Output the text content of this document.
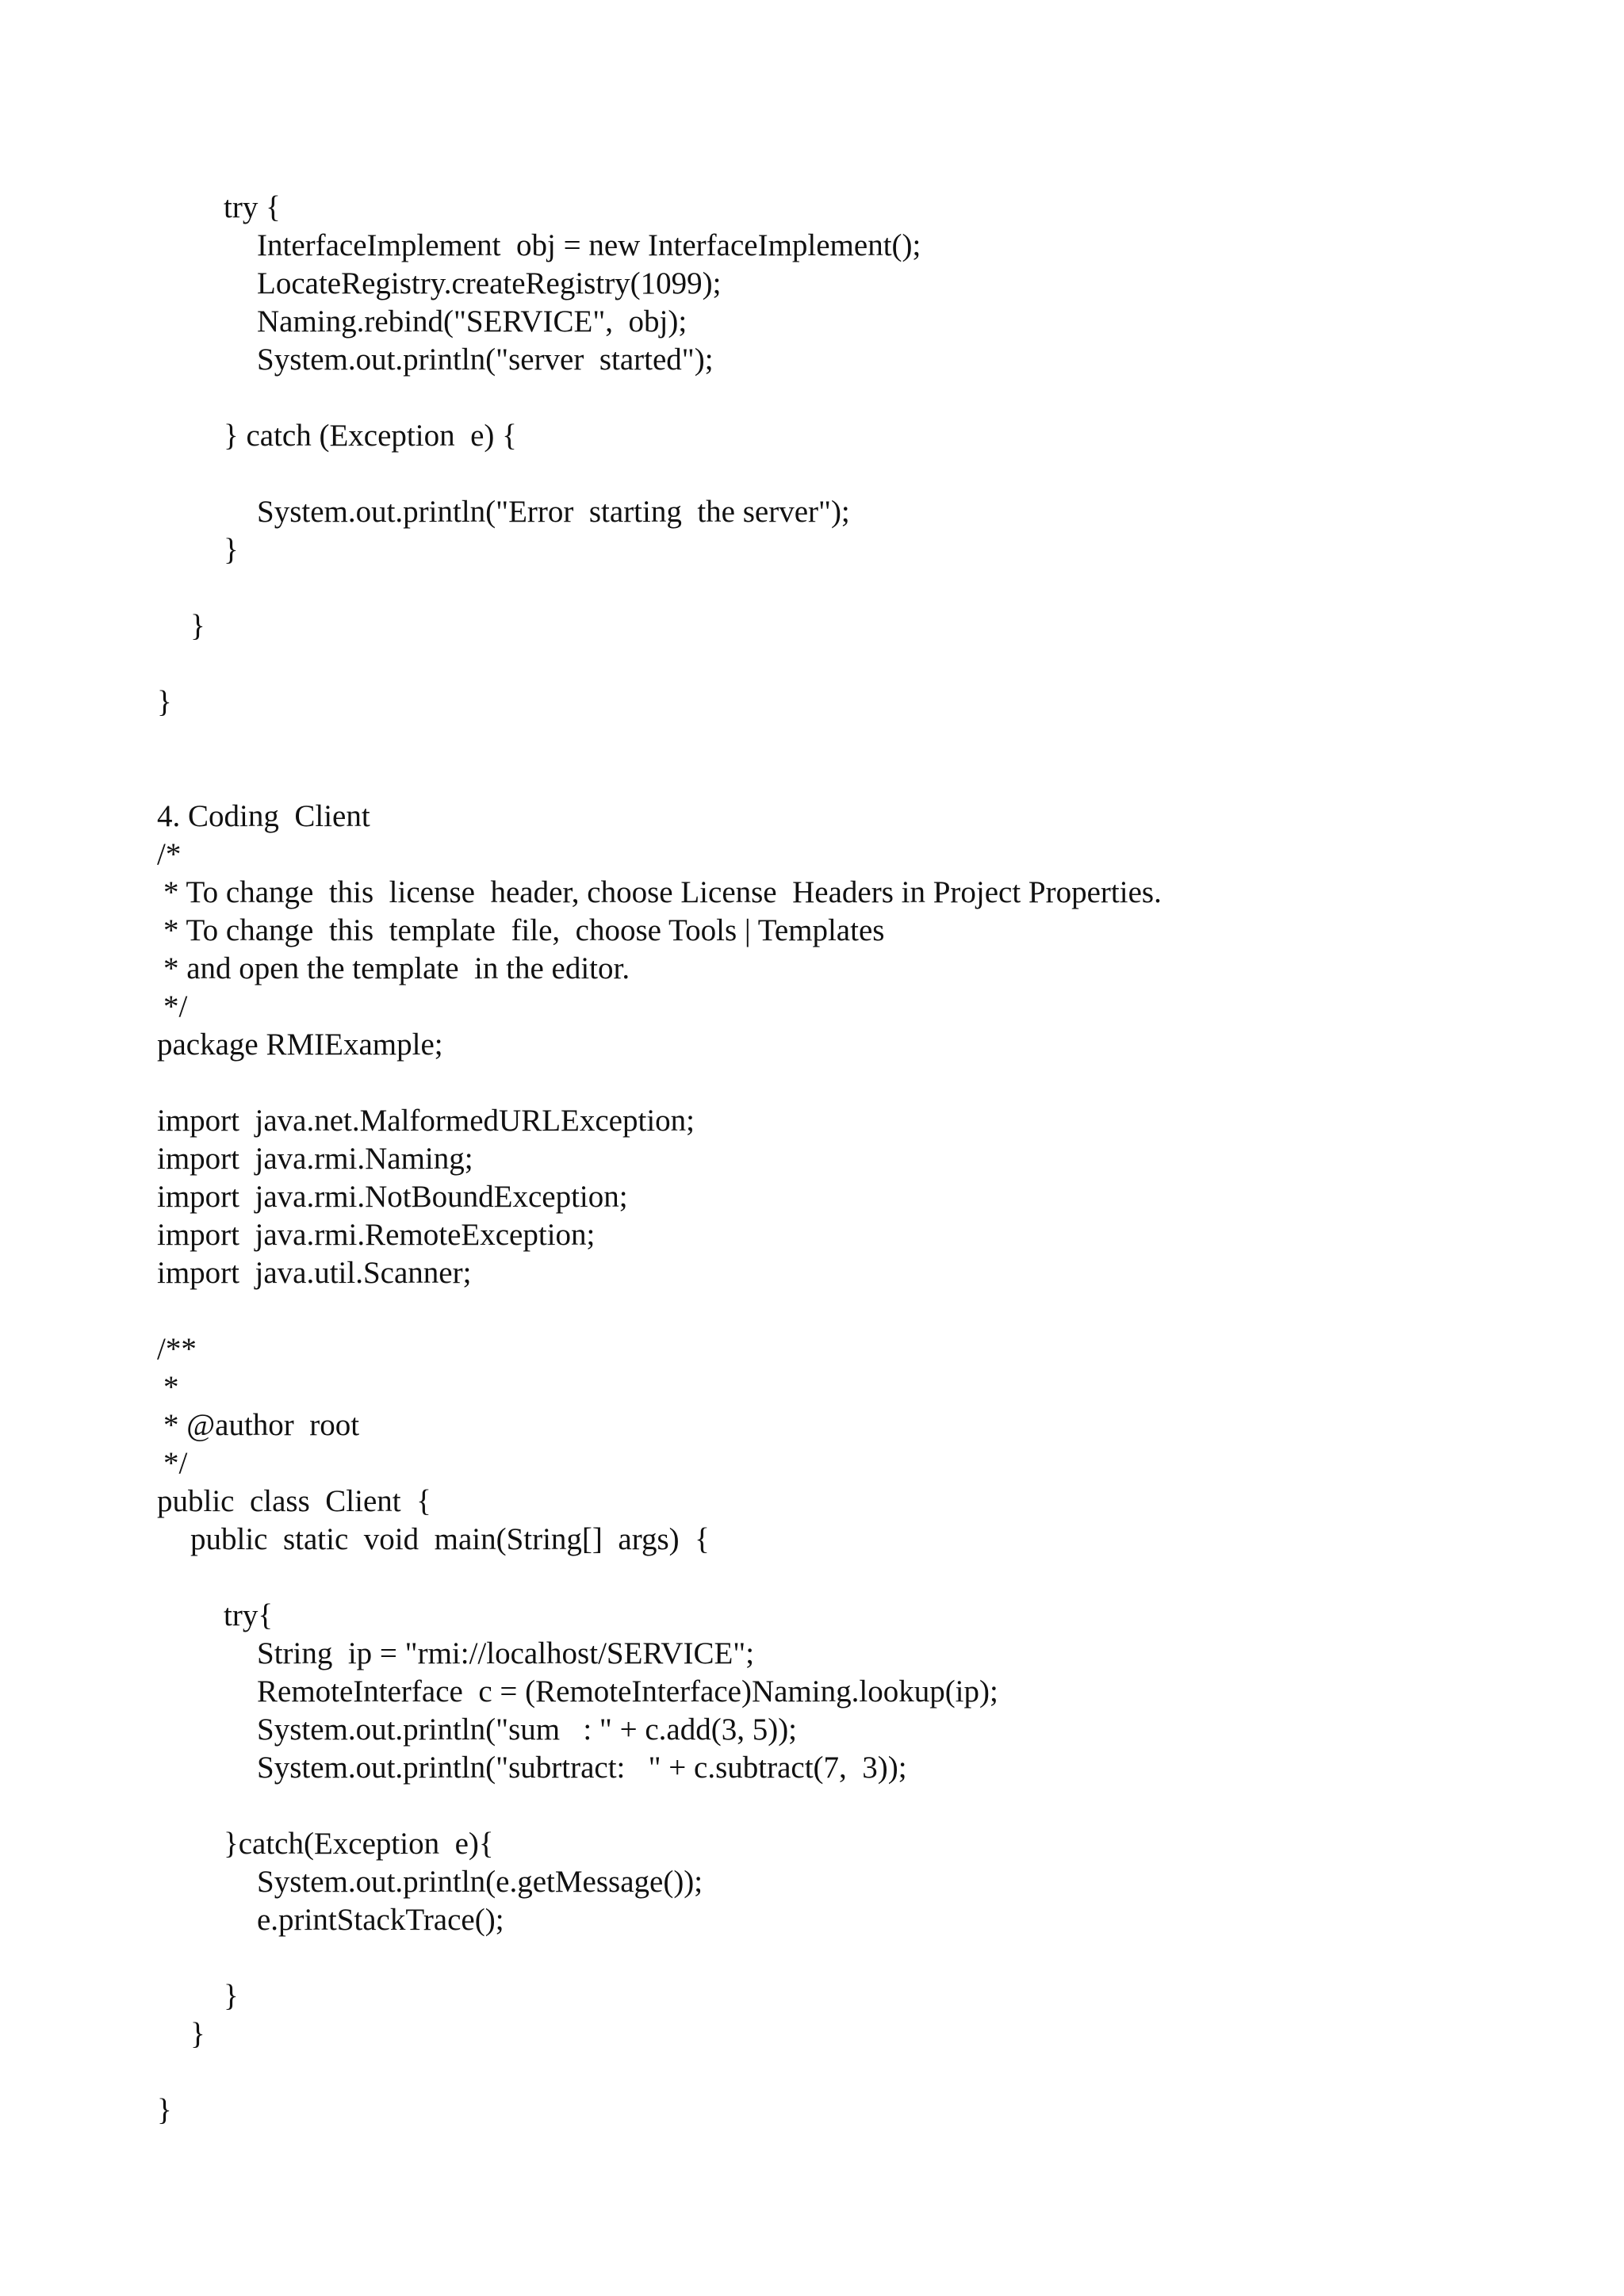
try {
InterfaceImplement  obj = new InterfaceImplement();
LocateRegistry.createRegistry(1099);
Naming.rebind("SERVICE",  obj);
System.out.println("server  started");
} catch (Exception  e) {
System.out.println("Error  starting  the server");
}
}
}
4. Coding  Client
/*
* To change  this  license  header, choose License  Headers in Project Properties.
* To change  this  template  file,  choose Tools | Templates
* and open the template  in the editor.
*/
package RMIExample;
import  java.net.MalformedURLException;
import  java.rmi.Naming;
import  java.rmi.NotBoundException;
import  java.rmi.RemoteException;
import  java.util.Scanner;
/**
*
* @author  root
*/
public  class  Client  {
public  static  void  main(String[]  args)  {
try{
String  ip = "rmi://localhost/SERVICE";
RemoteInterface  c = (RemoteInterface)Naming.lookup(ip);
System.out.println("sum   : " + c.add(3, 5));
System.out.println("subrtract:   " + c.subtract(7,  3));
}catch(Exception  e){
System.out.println(e.getMessage());
e.printStackTrace();
}
}
}
